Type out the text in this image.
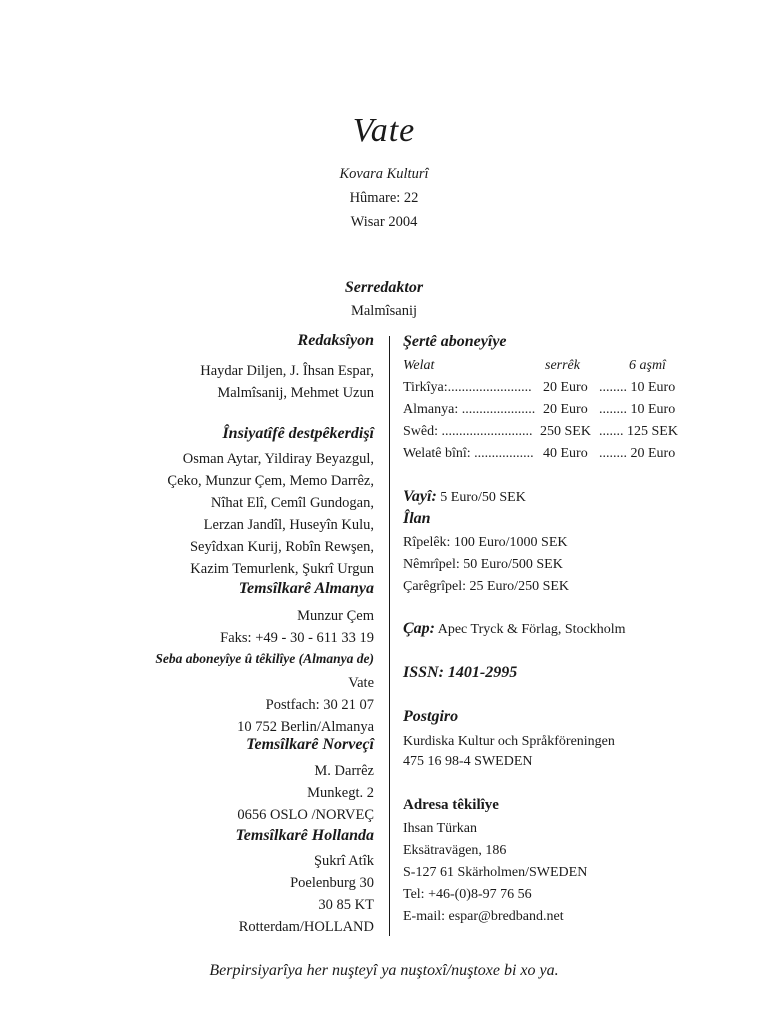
Vate
Kovara Kulturî
Hûmare: 22
Wisar 2004
Serredaktor
Malmîsanij
Redaksîyon
Haydar Diljen, J. Îhsan Espar,
Malmîsanij, Mehmet Uzun
Însiyatîfê destpêkerdişî
Osman Aytar, Yildiray Beyazgul,
Çeko, Munzur Çem, Memo Darrêz,
Nîhat Elî, Cemîl Gundogan,
Lerzan Jandîl, Huseyîn Kulu,
Seyîdxan Kurij, Robîn Rewşen,
Kazim Temurlenk, Şukrî Urgun
Temsîlkarê Almanya
Munzur Çem
Faks: +49 - 30 - 611 33 19
Seba aboneyîye û têkilîye (Almanya de)
Vate
Postfach: 30 21 07
10 752 Berlin/Almanya
Temsîlkarê Norveçî
M. Darrêz
Munkegt. 2
0656 OSLO /NORVEÇ
Temsîlkarê Hollanda
Şukrî Atîk
Poelenburg 30
30 85 KT
Rotterdam/HOLLAND
Şertê aboneyîye
Welat	serrêk	6 aşmî
Tirkîya:........................ 20 Euro ........ 10 Euro
Almanya: ..................... 20 Euro ........ 10 Euro
Swêd: .......................... 250 SEK ....... 125 SEK
Welatê bînî: ................. 40 Euro ........ 20 Euro
Vayî: 5 Euro/50 SEK
Îlan
Rîpelêk: 100 Euro/1000 SEK
Nêmrîpel: 50 Euro/500 SEK
Çarêgrîpel: 25 Euro/250 SEK
Çap: Apec Tryck & Förlag, Stockholm
ISSN: 1401-2995
Postgiro
Kurdiska Kultur och Språkföreningen
475 16 98-4 SWEDEN
Adresa têkilîye
Ihsan Türkan
Eksätravägen, 186
S-127 61 Skärholmen/SWEDEN
Tel: +46-(0)8-97 76 56
E-mail: espar@bredband.net
Berpirsiyarîya her nuşteyî ya nuştoxî/nuştoxe bi xo ya.
